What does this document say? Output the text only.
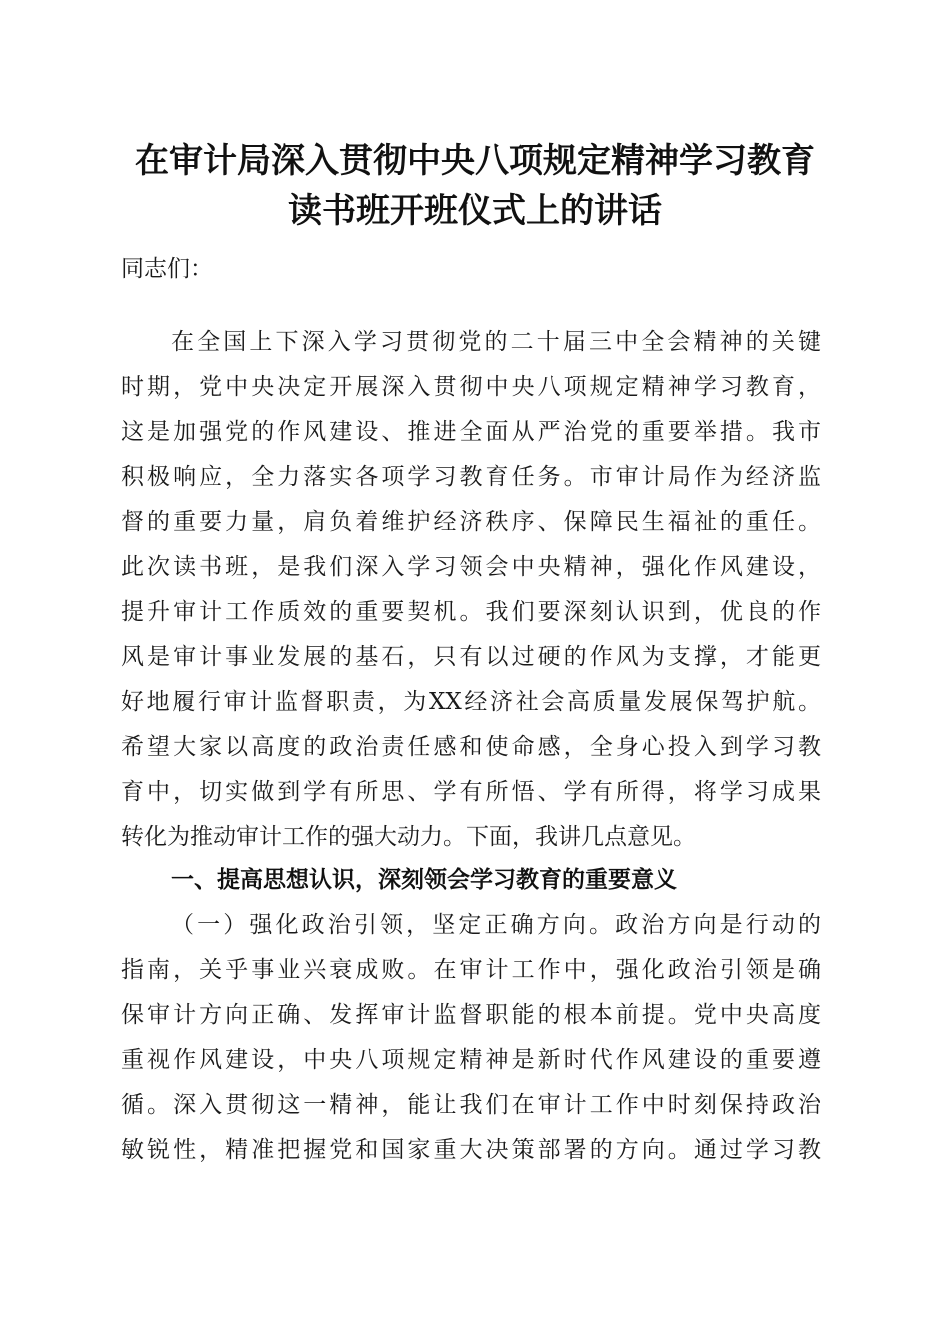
在审计局深入贯彻中央八项规定精神学习教育
读书班开班仪式上的讲话
同志们：
在全国上下深入学习贯彻党的二十届三中全会精神的关键
时期，党中央决定开展深入贯彻中央八项规定精神学习教育，
这是加强党的作风建设、推进全面从严治党的重要举措。我市
积极响应，全力落实各项学习教育任务。市审计局作为经济监
督的重要力量，肩负着维护经济秩序、保障民生福祉的重任。
此次读书班，是我们深入学习领会中央精神，强化作风建设，
提升审计工作质效的重要契机。我们要深刻认识到，优良的作
风是审计事业发展的基石，只有以过硬的作风为支撑，才能更
好地履行审计监督职责，为XX经济社会高质量发展保驾护航。
希望大家以高度的政治责任感和使命感，全身心投入到学习教
育中，切实做到学有所思、学有所悟、学有所得，将学习成果
转化为推动审计工作的强大动力。下面，我讲几点意见。
一、提高思想认识，深刻领会学习教育的重要意义
（一）强化政治引领，坚定正确方向。政治方向是行动的
指南，关乎事业兴衰成败。在审计工作中，强化政治引领是确
保审计方向正确、发挥审计监督职能的根本前提。党中央高度
重视作风建设，中央八项规定精神是新时代作风建设的重要遵
循。深入贯彻这一精神，能让我们在审计工作中时刻保持政治
敏锐性，精准把握党和国家重大决策部署的方向。通过学习教
